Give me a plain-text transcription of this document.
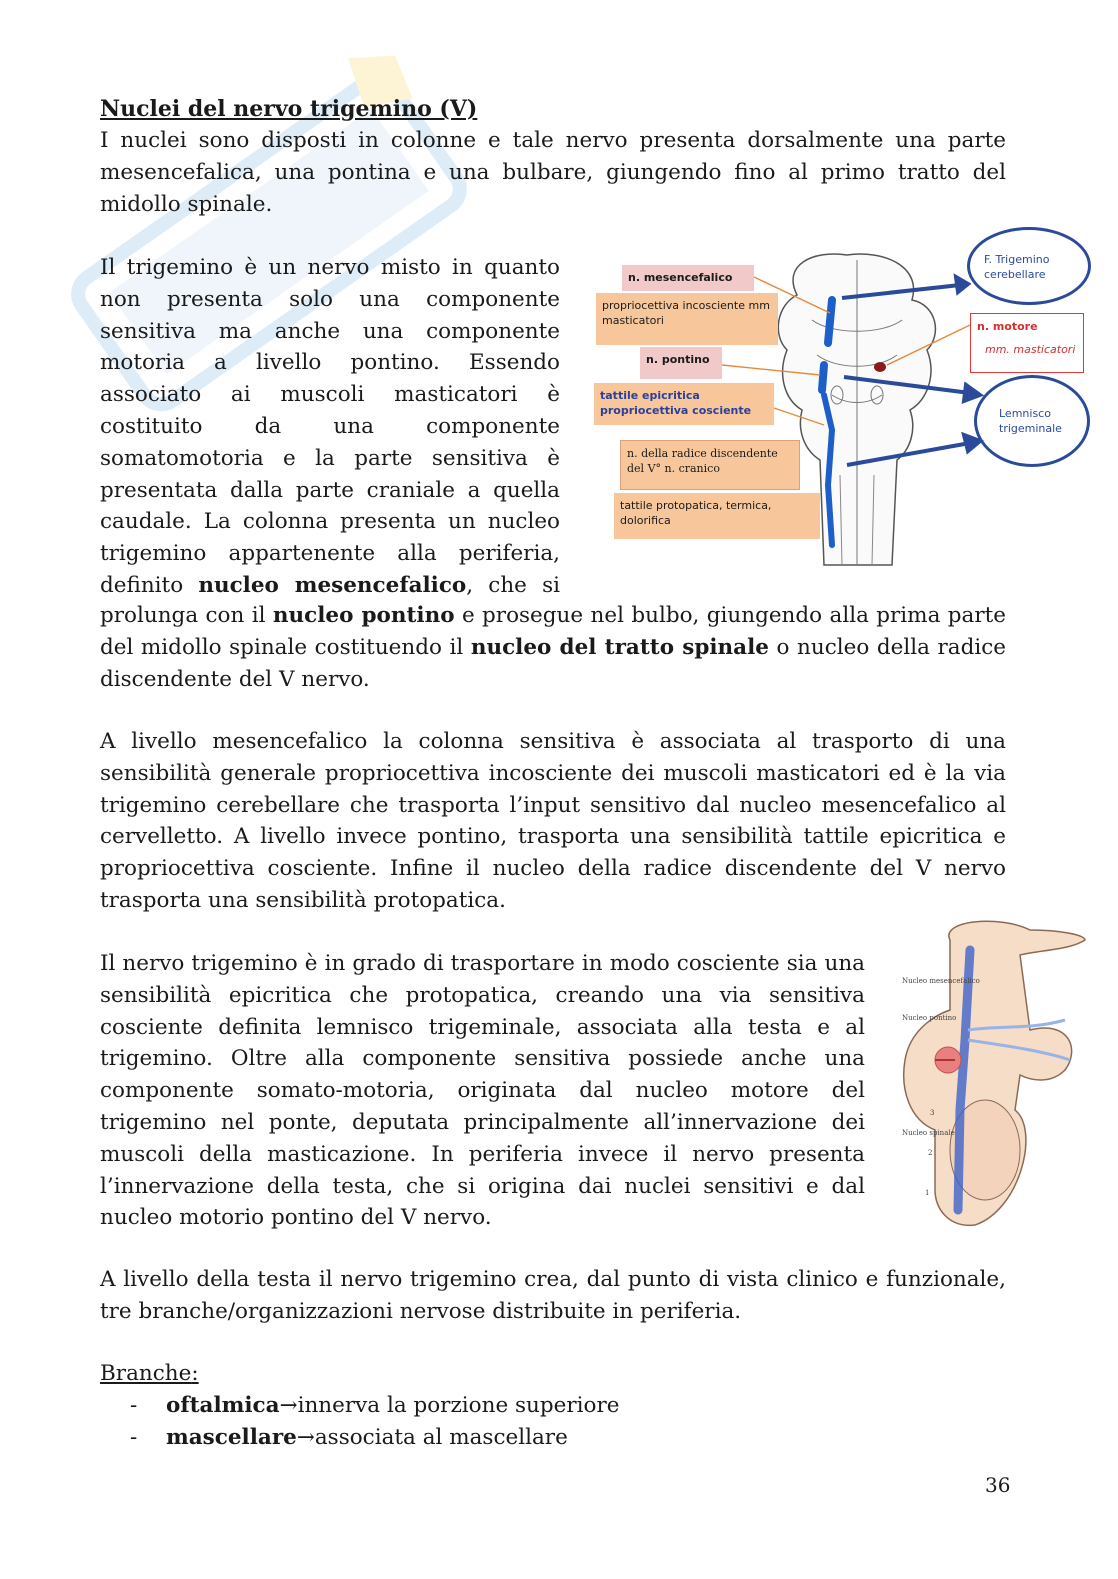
Nuclei del nervo trigemino (V)

I nuclei sono disposti in colonne e tale nervo presenta dorsalmente una parte mesencefalica, una pontina e una bulbare, giungendo fino al primo tratto del midollo spinale.

Il trigemino è un nervo misto in quanto non presenta solo una componente sensitiva ma anche una componente motoria a livello pontino. Essendo associato ai muscoli masticatori è costituito da una componente somatomotoria e la parte sensitiva è presentata dalla parte craniale a quella caudale. La colonna presenta un nucleo trigemino appartenente alla periferia, definito nucleo mesencefalico, che si

n. mesencefalico
propriocettiva incosciente mm masticatori
n. pontino
tattile epicritica propriocettiva cosciente
n. della radice discendente del V° n. cranico
tattile protopatica, termica, dolorifica
F. Trigemino cerebellare
n. motore
mm. masticatori
Lemnisco trigeminale

prolunga con il nucleo pontino e prosegue nel bulbo, giungendo alla prima parte del midollo spinale costituendo il nucleo del tratto spinale o nucleo della radice discendente del V nervo.

A livello mesencefalico la colonna sensitiva è associata al trasporto di una sensibilità generale propriocettiva incosciente dei muscoli masticatori ed è la via trigemino cerebellare che trasporta l’input sensitivo dal nucleo mesencefalico al cervelletto. A livello invece pontino, trasporta una sensibilità tattile epicritica e propriocettiva cosciente. Infine il nucleo della radice discendente del V nervo trasporta una sensibilità protopatica.

Il nervo trigemino è in grado di trasportare in modo cosciente sia una sensibilità epicritica che protopatica, creando una via sensitiva cosciente definita lemnisco trigeminale, associata alla testa e al trigemino. Oltre alla componente sensitiva possiede anche una componente somato-motoria, originata dal nucleo motore del trigemino nel ponte, deputata principalmente all’innervazione dei muscoli della masticazione. In periferia invece il nervo presenta l’innervazione della testa, che si origina dai nuclei sensitivi e dal nucleo motorio pontino del V nervo.

Nucleo mesencefalico
Nucleo pontino
Nucleo spinale
3
2
1

A livello della testa il nervo trigemino crea, dal punto di vista clinico e funzionale, tre branche/organizzazioni nervose distribuite in periferia.

Branche:
- oftalmica→innerva la porzione superiore
- mascellare→associata al mascellare
36
